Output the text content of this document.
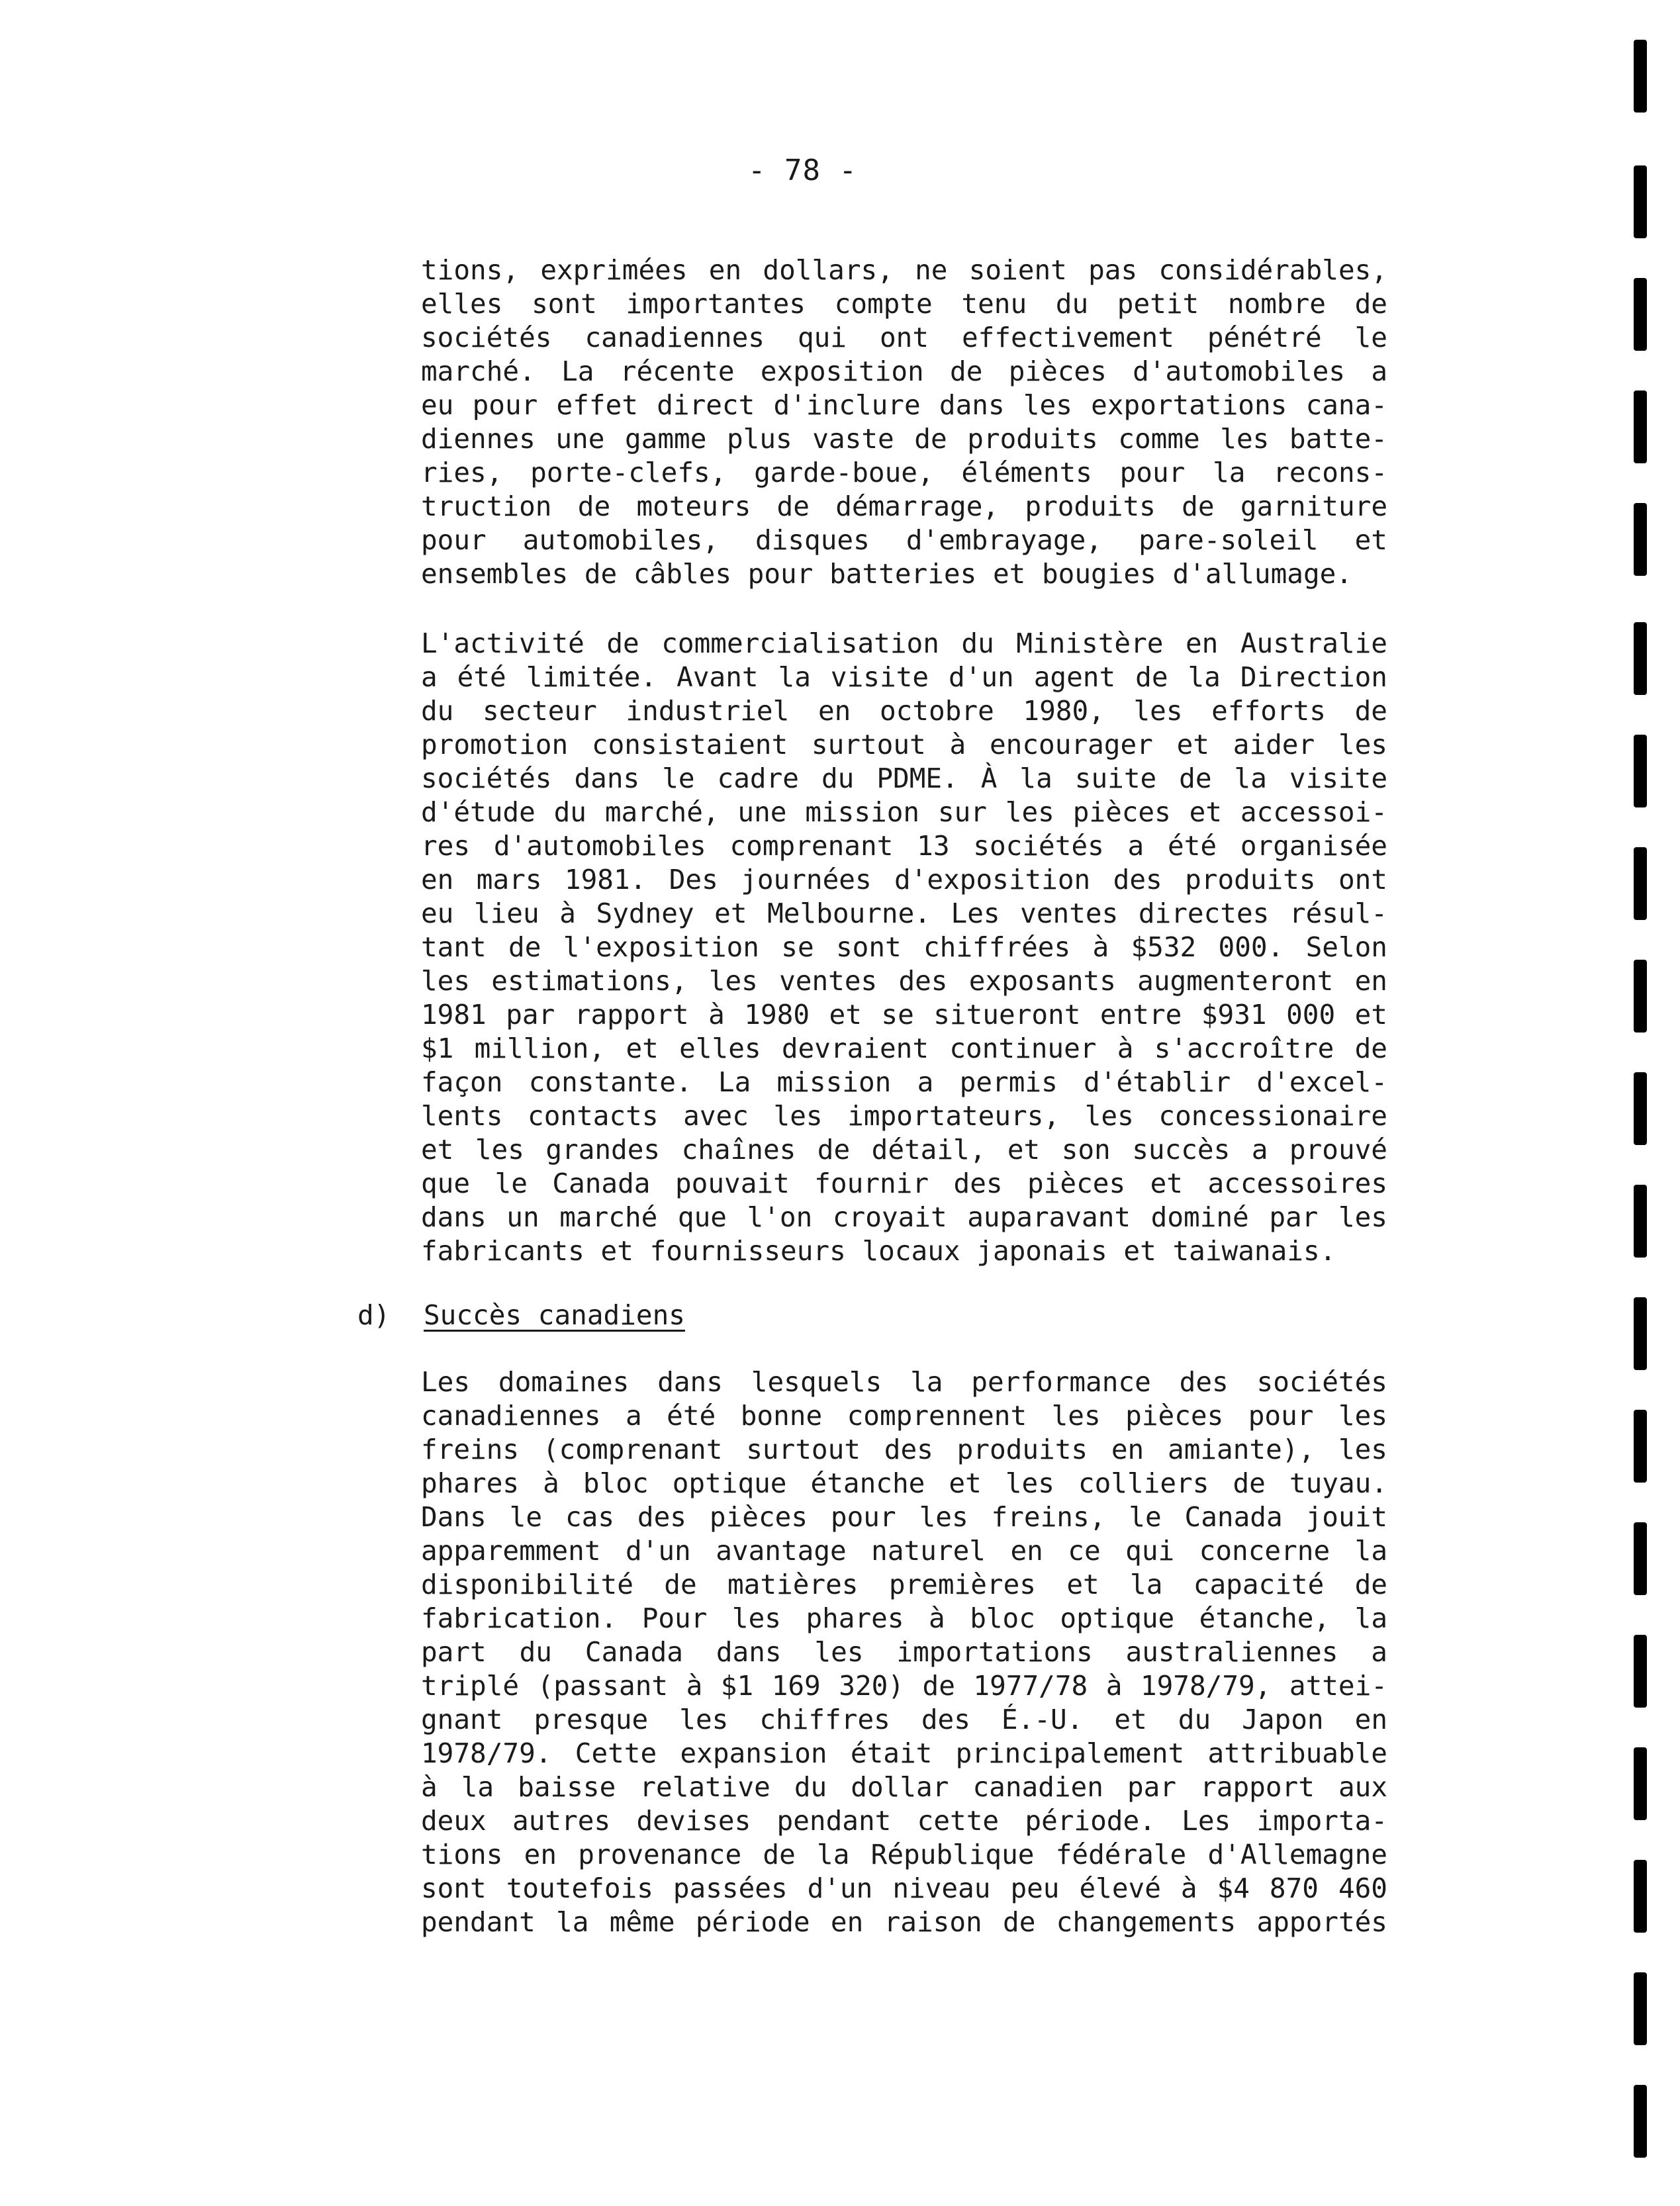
- 78 -
tions, exprimées en dollars, ne soient pas considérables,
elles sont importantes compte tenu du petit nombre de
sociétés canadiennes qui ont effectivement pénétré le
marché. La récente exposition de pièces d'automobiles a
eu pour effet direct d'inclure dans les exportations cana-
diennes une gamme plus vaste de produits comme les batte-
ries, porte-clefs, garde-boue, éléments pour la recons-
truction de moteurs de démarrage, produits de garniture
pour automobiles, disques d'embrayage, pare-soleil et
ensembles de câbles pour batteries et bougies d'allumage.
L'activité de commercialisation du Ministère en Australie
a été limitée. Avant la visite d'un agent de la Direction
du secteur industriel en octobre 1980, les efforts de
promotion consistaient surtout à encourager et aider les
sociétés dans le cadre du PDME. À la suite de la visite
d'étude du marché, une mission sur les pièces et accessoi-
res d'automobiles comprenant 13 sociétés a été organisée
en mars 1981. Des journées d'exposition des produits ont
eu lieu à Sydney et Melbourne. Les ventes directes résul-
tant de l'exposition se sont chiffrées à $532 000. Selon
les estimations, les ventes des exposants augmenteront en
1981 par rapport à 1980 et se situeront entre $931 000 et
$1 million, et elles devraient continuer à s'accroître de
façon constante. La mission a permis d'établir d'excel-
lents contacts avec les importateurs, les concessionaire
et les grandes chaînes de détail, et son succès a prouvé
que le Canada pouvait fournir des pièces et accessoires
dans un marché que l'on croyait auparavant dominé par les
fabricants et fournisseurs locaux japonais et taiwanais.
d) Succès canadiens
Les domaines dans lesquels la performance des sociétés
canadiennes a été bonne comprennent les pièces pour les
freins (comprenant surtout des produits en amiante), les
phares à bloc optique étanche et les colliers de tuyau.
Dans le cas des pièces pour les freins, le Canada jouit
apparemment d'un avantage naturel en ce qui concerne la
disponibilité de matières premières et la capacité de
fabrication. Pour les phares à bloc optique étanche, la
part du Canada dans les importations australiennes a
triplé (passant à $1 169 320) de 1977/78 à 1978/79, attei-
gnant presque les chiffres des É.-U. et du Japon en
1978/79. Cette expansion était principalement attribuable
à la baisse relative du dollar canadien par rapport aux
deux autres devises pendant cette période. Les importa-
tions en provenance de la République fédérale d'Allemagne
sont toutefois passées d'un niveau peu élevé à $4 870 460
pendant la même période en raison de changements apportés
